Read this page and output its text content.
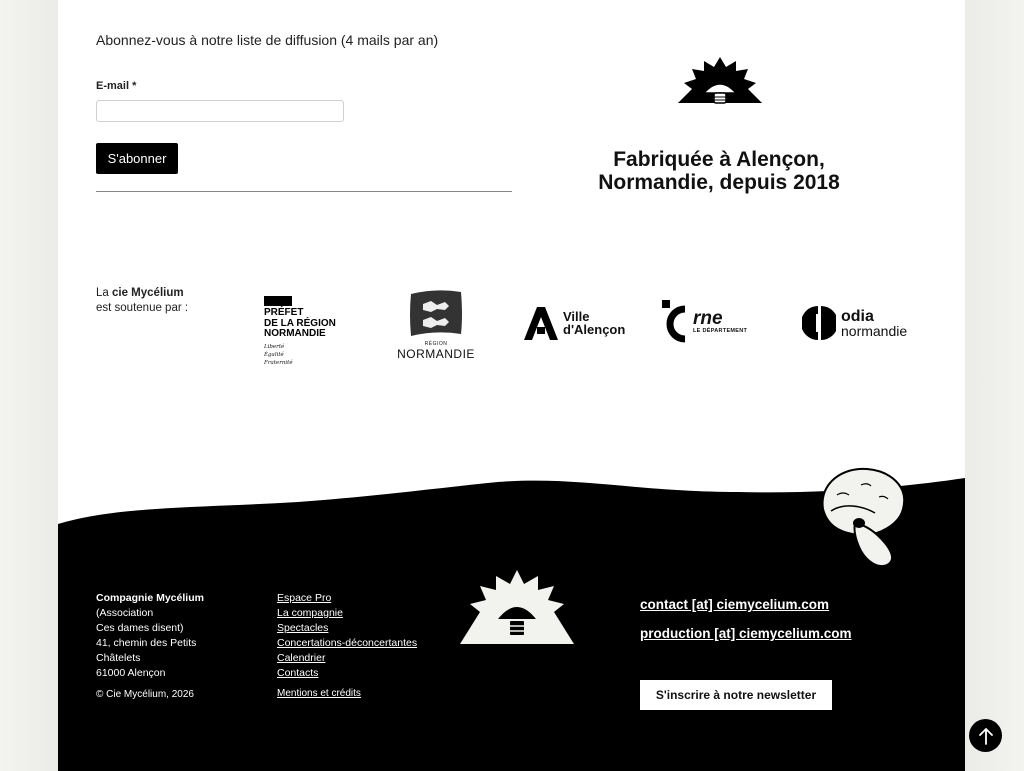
Abonnez-vous à notre liste de diffusion (4 mails par an)
E-mail *
S'abonner	Fabriquée à Alençon,
Normandie, depuis 2018
La cie Mycélium
est soutenue par :	PRÉFET
DE LA RÉGION
NORMANDIE
Liberté
Égalité
Fraternité
RÉGION
NORMANDIE
Ville
d'Alençon
rne
LE DÉPARTEMENT
odia
normandie
Compagnie Mycélium
(Association
Ces dames disent)
41, chemin des Petits
Châtelets
61000 Alençon
© Cie Mycélium, 2026
Espace Pro
La compagnie
Spectacles
Concertations-déconcertantes
Calendrier
Contacts
Mentions et crédits
contact [at] ciemycelium.com
production [at] ciemycelium.com
S'inscrire à notre newsletter
